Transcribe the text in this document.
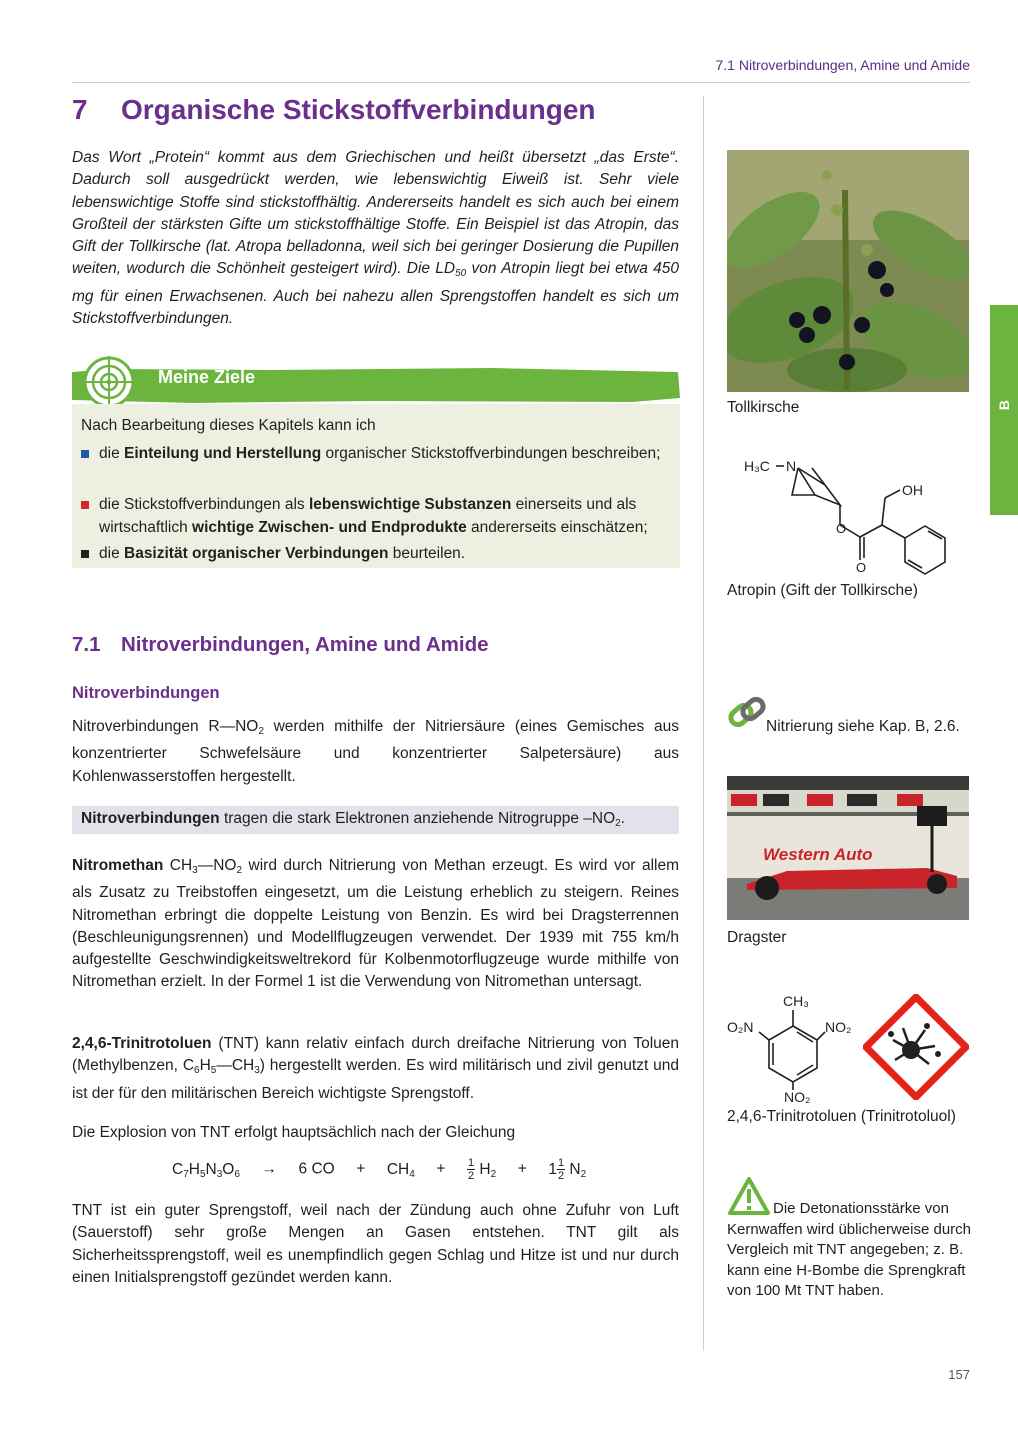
7.1 Nitroverbindungen, Amine und Amide
7 Organische Stickstoffverbindungen
Das Wort „Protein“ kommt aus dem Griechischen und heißt übersetzt „das Erste“. Dadurch soll ausgedrückt werden, wie lebenswichtig Eiweiß ist. Sehr viele lebenswichtige Stoffe sind stickstoffhältig. Andererseits handelt es sich auch bei einem Großteil der stärksten Gifte um stickstoffhältige Stoffe. Ein Beispiel ist das Atropin, das Gift der Tollkirsche (lat. Atropa belladonna, weil sich bei geringer Dosierung die Pupillen weiten, wodurch die Schönheit gesteigert wird). Die $LD_{50}$ von Atropin liegt bei etwa 450 mg für einen Erwachsenen. Auch bei nahezu allen Sprengstoffen handelt es sich um Stickstoffverbindungen.
Meine Ziele
Nach Bearbeitung dieses Kapitels kann ich
die Einteilung und Herstellung organischer Stickstoffverbindungen beschreiben;
die Stickstoffverbindungen als lebenswichtige Substanzen einerseits und als wirtschaftlich wichtige Zwischen- und Endprodukte andererseits einschätzen;
die Basizität organischer Verbindungen beurteilen.
7.1 Nitroverbindungen, Amine und Amide
Nitroverbindungen
Nitroverbindungen $R—NO_2$ werden mithilfe der Nitriersäure (eines Gemisches aus konzentrierter Schwefelsäure und konzentrierter Salpetersäure) aus Kohlenwasserstoffen hergestellt.
Nitroverbindungen tragen die stark Elektronen anziehende Nitrogruppe $-NO_2$.
Nitromethan $CH_3—NO_2$ wird durch Nitrierung von Methan erzeugt. Es wird vor allem als Zusatz zu Treibstoffen eingesetzt, um die Leistung erheblich zu steigern. Reines Nitromethan erbringt die doppelte Leistung von Benzin. Es wird bei Dragsterrennen (Beschleunigungsrennen) und Modellflugzeugen verwendet. Der 1939 mit 755 km/h aufgestellte Geschwindigkeitsweltrekord für Kolbenmotorflugzeuge wurde mithilfe von Nitromethan erzielt. In der Formel 1 ist die Verwendung von Nitromethan untersagt.
2,4,6-Trinitrotoluen (TNT) kann relativ einfach durch dreifache Nitrierung von Toluen (Methylbenzen, $C_6H_5—CH_3$) hergestellt werden. Es wird militärisch und zivil genutzt und ist der für den militärischen Bereich wichtigste Sprengstoff.
Die Explosion von TNT erfolgt hauptsächlich nach der Gleichung
$C_7H_5N_3O_6 \to 6$ CO + $CH_4 + \frac{1}{2} H_2 + 1 \frac{1}{2} N_2$
TNT ist ein guter Sprengstoff, weil nach der Zündung auch ohne Zufuhr von Luft (Sauerstoff) sehr große Mengen an Gasen entstehen. TNT gilt als Sicherheitssprengstoff, weil es unempfindlich gegen Schlag und Hitze ist und nur durch einen Initialsprengstoff gezündet werden kann.
B
Tollkirsche
H₃C N
OH
O
O
Atropin (Gift der Tollkirsche)
Nitrierung siehe Kap. B, 2.6.
Western Auto
Dragster
CH₃
O₂N	NO₂
NO₂
2,4,6-Trinitrotoluen (Trinitrotoluol)
Die Detonationsstärke von Kernwaffen wird üblicherweise durch Vergleich mit TNT angegeben; z. B. kann eine H-Bombe die Sprengkraft von 100 Mt TNT haben.
157
